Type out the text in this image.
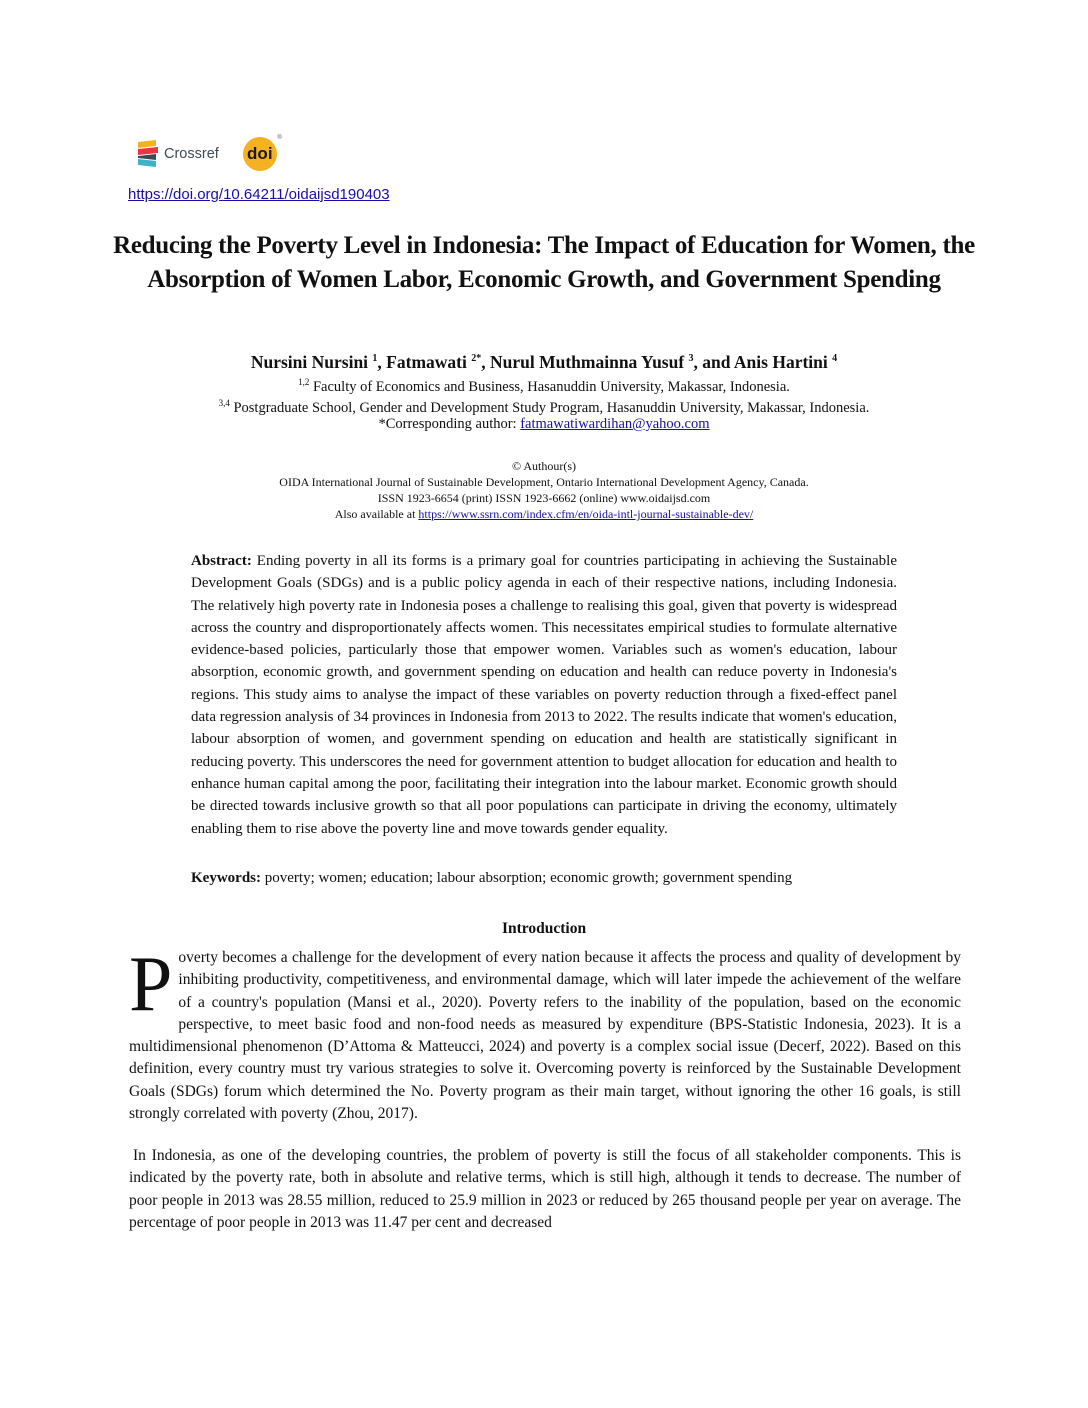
Crossref doi
®
https://doi.org/10.64211/oidaijsd190403
Reducing the Poverty Level in Indonesia: The Impact of Education for Women, the Absorption of Women Labor, Economic Growth, and Government Spending
Nursini Nursini $^1$, Fatmawati $^{2*}$, Nurul Muthmainna Yusuf $^3$, and Anis Hartini $^4$
$^{1,2}$ Faculty of Economics and Business, Hasanuddin University, Makassar, Indonesia.
$^{3,4}$ Postgraduate School, Gender and Development Study Program, Hasanuddin University, Makassar, Indonesia.
*Corresponding author: fatmawatiwardihan@yahoo.com
© Authour(s)
OIDA International Journal of Sustainable Development, Ontario International Development Agency, Canada.
ISSN 1923-6654 (print) ISSN 1923-6662 (online) www.oidaijsd.com
Also available at https://www.ssrn.com/index.cfm/en/oida-intl-journal-sustainable-dev/
Abstract: Ending poverty in all its forms is a primary goal for countries participating in achieving the Sustainable Development Goals (SDGs) and is a public policy agenda in each of their respective nations, including Indonesia. The relatively high poverty rate in Indonesia poses a challenge to realising this goal, given that poverty is widespread across the country and disproportionately affects women. This necessitates empirical studies to formulate alternative evidence-based policies, particularly those that empower women. Variables such as women's education, labour absorption, economic growth, and government spending on education and health can reduce poverty in Indonesia's regions. This study aims to analyse the impact of these variables on poverty reduction through a fixed-effect panel data regression analysis of 34 provinces in Indonesia from 2013 to 2022. The results indicate that women's education, labour absorption of women, and government spending on education and health are statistically significant in reducing poverty. This underscores the need for government attention to budget allocation for education and health to enhance human capital among the poor, facilitating their integration into the labour market. Economic growth should be directed towards inclusive growth so that all poor populations can participate in driving the economy, ultimately enabling them to rise above the poverty line and move towards gender equality.
Keywords: poverty; women; education; labour absorption; economic growth; government spending
Introduction
Poverty becomes a challenge for the development of every nation because it affects the process and quality of development by inhibiting productivity, competitiveness, and environmental damage, which will later impede the achievement of the welfare of a country's population (Mansi et al., 2020). Poverty refers to the inability of the population, based on the economic perspective, to meet basic food and non-food needs as measured by expenditure (BPS-Statistic Indonesia, 2023). It is a multidimensional phenomenon (D’Attoma & Matteucci, 2024) and poverty is a complex social issue (Decerf, 2022). Based on this definition, every country must try various strategies to solve it. Overcoming poverty is reinforced by the Sustainable Development Goals (SDGs) forum which determined the No. Poverty program as their main target, without ignoring the other 16 goals, is still strongly correlated with poverty (Zhou, 2017).
In Indonesia, as one of the developing countries, the problem of poverty is still the focus of all stakeholder components. This is indicated by the poverty rate, both in absolute and relative terms, which is still high, although it tends to decrease. The number of poor people in 2013 was 28.55 million, reduced to 25.9 million in 2023 or reduced by 265 thousand people per year on average. The percentage of poor people in 2013 was 11.47 per cent and decreased
